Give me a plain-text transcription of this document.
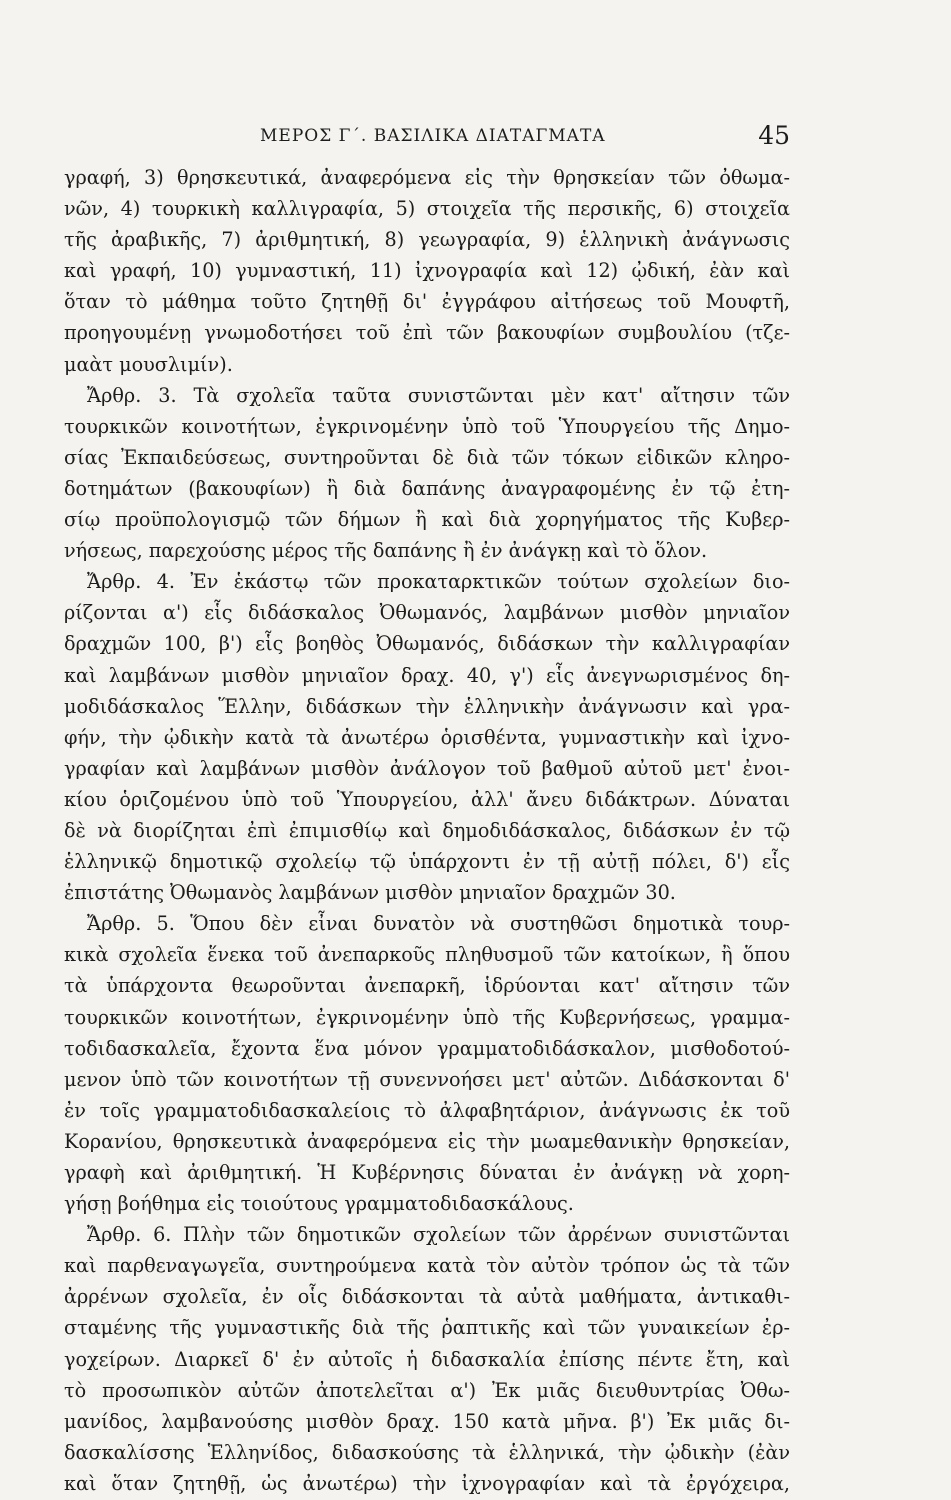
ΜΕΡΟΣ Γ΄. ΒΑΣΙΛΙΚΑ ΔΙΑΤΑΓΜΑΤΑ	45
γραφή, 3) θρησκευτικά, ἀναφερόμενα εἰς τὴν θρησκείαν τῶν ὀθωμα-
νῶν, 4) τουρκικὴ καλλιγραφία, 5) στοιχεῖα τῆς περσικῆς, 6) στοιχεῖα
τῆς ἀραβικῆς, 7) ἀριθμητική, 8) γεωγραφία, 9) ἑλληνικὴ ἀνάγνωσις
καὶ γραφή, 10) γυμναστική, 11) ἰχνογραφία καὶ 12) ᾠδική, ἐὰν καὶ
ὅταν τὸ μάθημα τοῦτο ζητηθῇ δι' ἐγγράφου αἰτήσεως τοῦ Μουφτῆ,
προηγουμένῃ γνωμοδοτήσει τοῦ ἐπὶ τῶν βακουφίων συμβουλίου (τζε-
μαὰτ μουσλιμίν).
Ἄρθρ. 3. Τὰ σχολεῖα ταῦτα συνιστῶνται μὲν κατ' αἴτησιν τῶν
τουρκικῶν κοινοτήτων, ἐγκρινομένην ὑπὸ τοῦ Ὑπουργείου τῆς Δημο-
σίας Ἐκπαιδεύσεως, συντηροῦνται δὲ διὰ τῶν τόκων εἰδικῶν κληρο-
δοτημάτων (βακουφίων) ἢ διὰ δαπάνης ἀναγραφομένης ἐν τῷ ἐτη-
σίῳ προϋπολογισμῷ τῶν δήμων ἢ καὶ διὰ χορηγήματος τῆς Κυβερ-
νήσεως, παρεχούσης μέρος τῆς δαπάνης ἢ ἐν ἀνάγκῃ καὶ τὸ ὅλον.
Ἄρθρ. 4. Ἐν ἑκάστῳ τῶν προκαταρκτικῶν τούτων σχολείων διο-
ρίζονται α') εἷς διδάσκαλος Ὀθωμανός, λαμβάνων μισθὸν μηνιαῖον
δραχμῶν 100, β') εἷς βοηθὸς Ὀθωμανός, διδάσκων τὴν καλλιγραφίαν
καὶ λαμβάνων μισθὸν μηνιαῖον δραχ. 40, γ') εἷς ἀνεγνωρισμένος δη-
μοδιδάσκαλος Ἕλλην, διδάσκων τὴν ἑλληνικὴν ἀνάγνωσιν καὶ γρα-
φήν, τὴν ᾠδικὴν κατὰ τὰ ἀνωτέρω ὁρισθέντα, γυμναστικὴν καὶ ἰχνο-
γραφίαν καὶ λαμβάνων μισθὸν ἀνάλογον τοῦ βαθμοῦ αὐτοῦ μετ' ἐνοι-
κίου ὁριζομένου ὑπὸ τοῦ Ὑπουργείου, ἀλλ' ἄνευ διδάκτρων. Δύναται
δὲ νὰ διορίζηται ἐπὶ ἐπιμισθίῳ καὶ δημοδιδάσκαλος, διδάσκων ἐν τῷ
ἑλληνικῷ δημοτικῷ σχολείῳ τῷ ὑπάρχοντι ἐν τῇ αὐτῇ πόλει, δ') εἷς
ἐπιστάτης Ὀθωμανὸς λαμβάνων μισθὸν μηνιαῖον δραχμῶν 30.
Ἄρθρ. 5. Ὅπου δὲν εἶναι δυνατὸν νὰ συστηθῶσι δημοτικὰ τουρ-
κικὰ σχολεῖα ἕνεκα τοῦ ἀνεπαρκοῦς πληθυσμοῦ τῶν κατοίκων, ἢ ὅπου
τὰ ὑπάρχοντα θεωροῦνται ἀνεπαρκῆ, ἱδρύονται κατ' αἴτησιν τῶν
τουρκικῶν κοινοτήτων, ἐγκρινομένην ὑπὸ τῆς Κυβερνήσεως, γραμμα-
τοδιδασκαλεῖα, ἔχοντα ἕνα μόνον γραμματοδιδάσκαλον, μισθοδοτού-
μενον ὑπὸ τῶν κοινοτήτων τῇ συνεννοήσει μετ' αὐτῶν. Διδάσκονται δ'
ἐν τοῖς γραμματοδιδασκαλείοις τὸ ἀλφαβητάριον, ἀνάγνωσις ἐκ τοῦ
Κορανίου, θρησκευτικὰ ἀναφερόμενα εἰς τὴν μωαμεθανικὴν θρησκείαν,
γραφὴ καὶ ἀριθμητική. Ἡ Κυβέρνησις δύναται ἐν ἀνάγκῃ νὰ χορη-
γήσῃ βοήθημα εἰς τοιούτους γραμματοδιδασκάλους.
Ἄρθρ. 6. Πλὴν τῶν δημοτικῶν σχολείων τῶν ἀρρένων συνιστῶνται
καὶ παρθεναγωγεῖα, συντηρούμενα κατὰ τὸν αὐτὸν τρόπον ὡς τὰ τῶν
ἀρρένων σχολεῖα, ἐν οἷς διδάσκονται τὰ αὐτὰ μαθήματα, ἀντικαθι-
σταμένης τῆς γυμναστικῆς διὰ τῆς ῥαπτικῆς καὶ τῶν γυναικείων ἐρ-
γοχείρων. Διαρκεῖ δ' ἐν αὐτοῖς ἡ διδασκαλία ἐπίσης πέντε ἔτη, καὶ
τὸ προσωπικὸν αὐτῶν ἀποτελεῖται α') Ἐκ μιᾶς διευθυντρίας Ὀθω-
μανίδος, λαμβανούσης μισθὸν δραχ. 150 κατὰ μῆνα. β') Ἐκ μιᾶς δι-
δασκαλίσσης Ἑλληνίδος, διδασκούσης τὰ ἑλληνικά, τὴν ᾠδικὴν (ἐὰν
καὶ ὅταν ζητηθῇ, ὡς ἀνωτέρω) τὴν ἰχνογραφίαν καὶ τὰ ἐργόχειρα,
